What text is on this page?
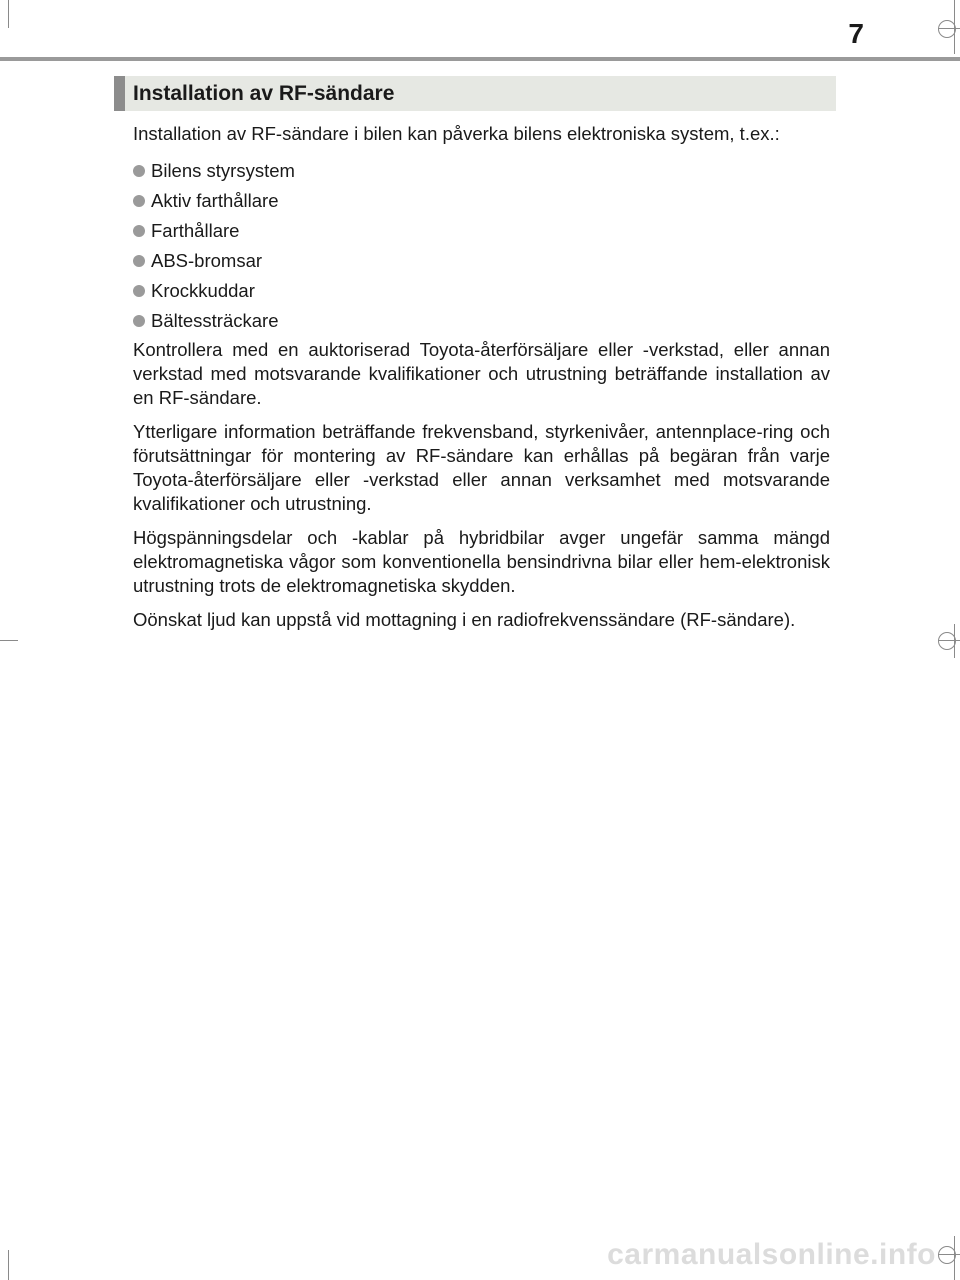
7
Installation av RF-sändare

Installation av RF-sändare i bilen kan påverka bilens elektroniska system, t.ex.:

Bilens styrsystem
Aktiv farthållare
Farthållare
ABS-bromsar
Krockkuddar
Bältessträckare

Kontrollera med en auktoriserad Toyota-återförsäljare eller -verkstad, eller annan verkstad med motsvarande kvalifikationer och utrustning beträffande installation av en RF-sändare.

Ytterligare information beträffande frekvensband, styrkenivåer, antennplace-ring och förutsättningar för montering av RF-sändare kan erhållas på begäran från varje Toyota-återförsäljare eller -verkstad eller annan verksamhet med motsvarande kvalifikationer och utrustning.

Högspänningsdelar och -kablar på hybridbilar avger ungefär samma mängd elektromagnetiska vågor som konventionella bensindrivna bilar eller hem-elektronisk utrustning trots de elektromagnetiska skydden.

Oönskat ljud kan uppstå vid mottagning i en radiofrekvenssändare (RF-sändare).

carmanualsonline.info
